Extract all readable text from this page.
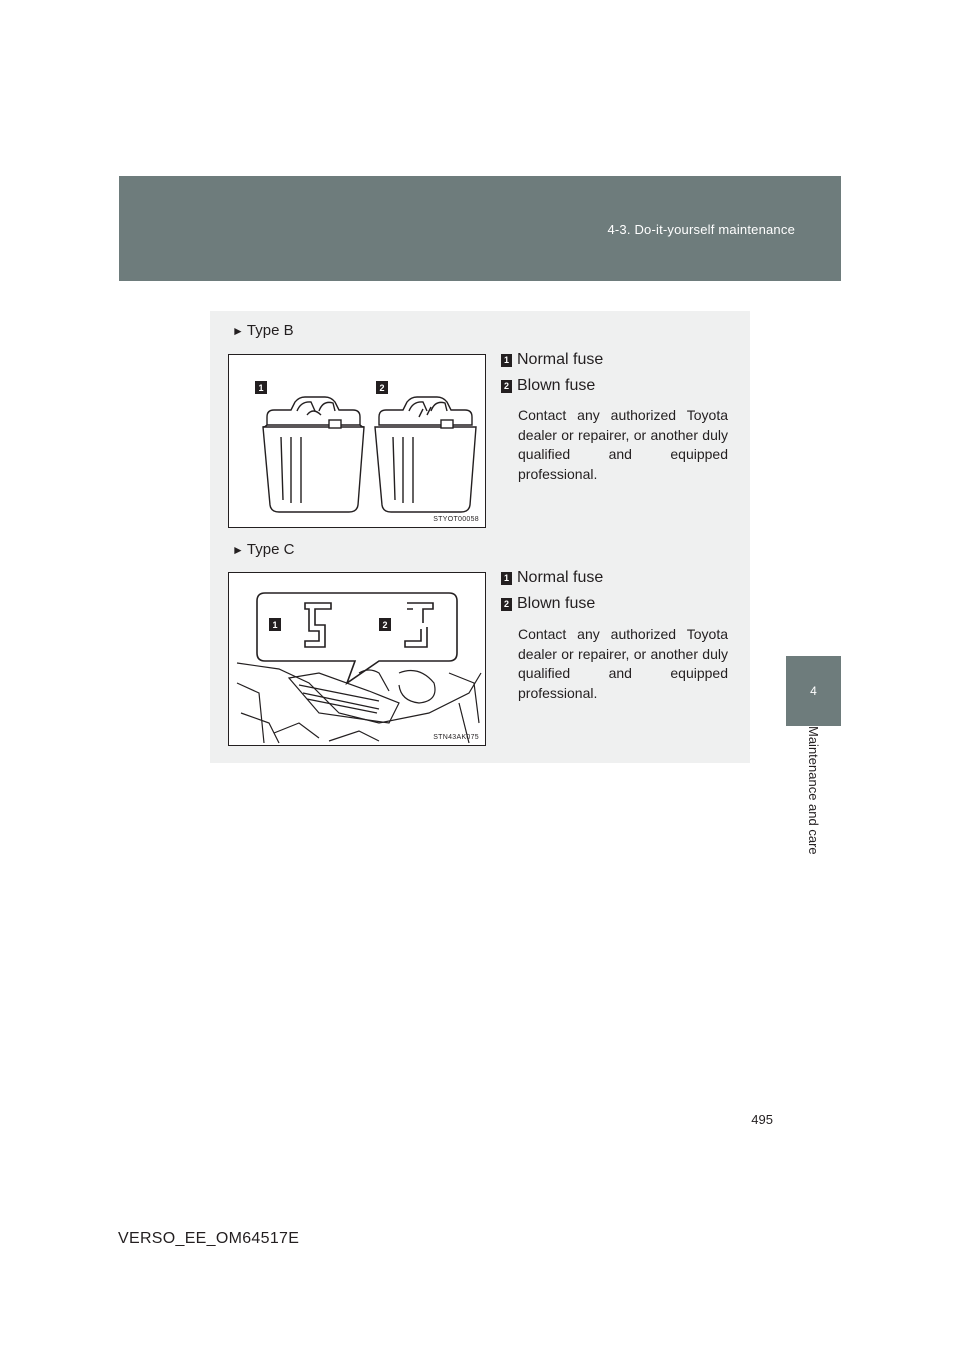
4-3. Do-it-yourself maintenance
4
Maintenance and care
► Type B
1	2
STYOT00058
1 Normal fuse
2 Blown fuse
Contact any authorized Toyota dealer or repairer, or another duly qualified and equipped professional.
► Type C
1	2
STN43AK075
1 Normal fuse
2 Blown fuse
Contact any authorized Toyota dealer or repairer, or another duly qualified and equipped professional.
495
VERSO_EE_OM64517E
